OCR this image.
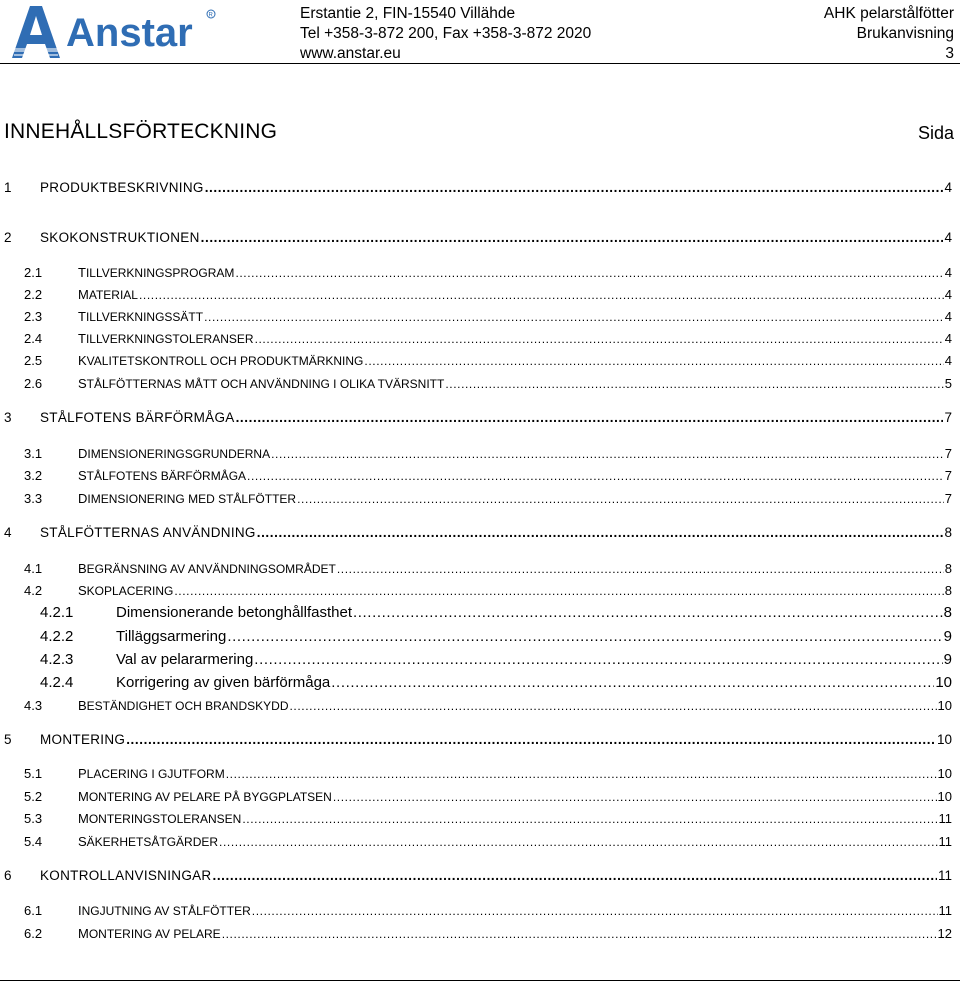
Anstar	R	Erstantie 2, FIN-15540 Villähde
Tel +358-3-872 200, Fax +358-3-872 2020
www.anstar.eu
AHK pelarstålfötter
Brukanvisning
3
INNEHÅLLSFÖRTECKNING	Sida
1 PRODUKTBESKRIVNING .....	4
2 SKOKONSTRUKTIONEN .....	4
2.1	TILLVERKNINGSPROGRAM .....	4
2.2	MATERIAL .....	4
2.3	TILLVERKNINGSSÄTT .....	4
2.4	TILLVERKNINGSTOLERANSER .....	4
2.5	KVALITETSKONTROLL OCH PRODUKTMÄRKNING .....	4
2.6	STÅLFÖTTERNAS MÅTT OCH ANVÄNDNING I OLIKA TVÄRSNITT .....	5
3 STÅLFOTENS BÄRFÖRMÅGA .....	7
3.1	DIMENSIONERINGSGRUNDERNA .....	7
3.2	STÅLFOTENS BÄRFÖRMÅGA .....	7
3.3	DIMENSIONERING MED STÅLFÖTTER .....	7
4 STÅLFÖTTERNAS ANVÄNDNING .....	8
4.1	BEGRÄNSNING AV ANVÄNDNINGSOMRÅDET .....	8
4.2	SKOPLACERING .....	8
4.2.1	Dimensionerande betonghållfasthet .....	8
4.2.2	Tilläggsarmering .....	9
4.2.3	Val av pelararmering .....	9
4.2.4	Korrigering av given bärförmåga .....	10
4.3	BESTÄNDIGHET OCH BRANDSKYDD .....	10
5 MONTERING .....	10
5.1	PLACERING I GJUTFORM .....	10
5.2	MONTERING AV PELARE PÅ BYGGPLATSEN .....	10
5.3	MONTERINGSTOLERANSEN .....	11
5.4	SÄKERHETSÅTGÄRDER .....	11
6 KONTROLLANVISNINGAR .....	11
6.1	INGJUTNING AV STÅLFÖTTER .....	11
6.2	MONTERING AV PELARE .....	12
